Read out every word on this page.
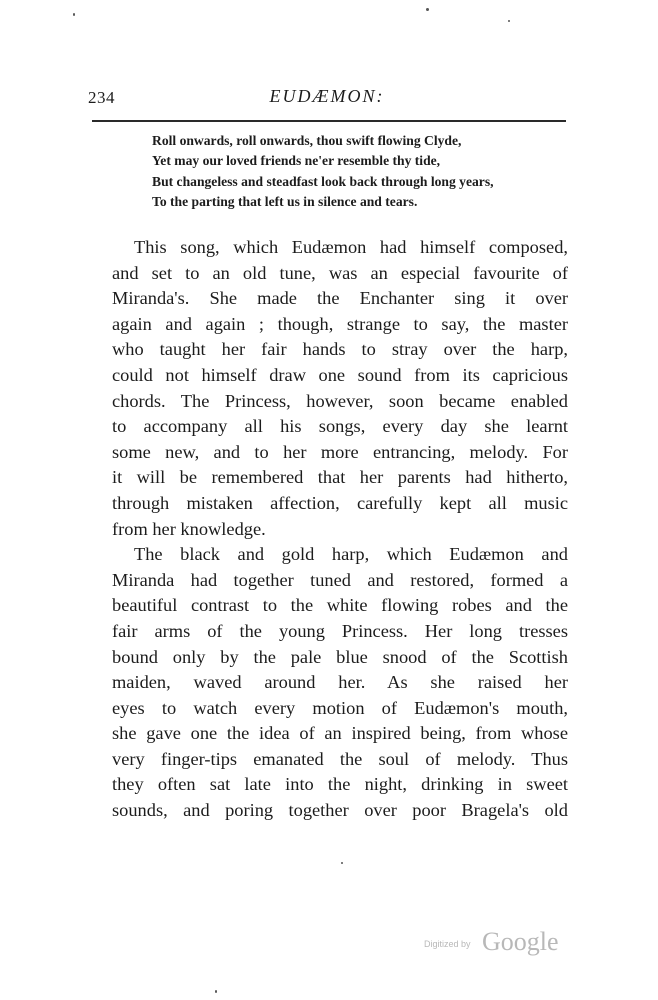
234	EUDÆMON:
Roll onwards, roll onwards, thou swift flowing Clyde,
Yet may our loved friends ne'er resemble thy tide,
But changeless and steadfast look back through long years,
To the parting that left us in silence and tears.
This song, which Eudæmon had himself composed,
and set to an old tune, was an especial favourite of
Miranda's. She made the Enchanter sing it over
again and again ; though, strange to say, the master
who taught her fair hands to stray over the harp,
could not himself draw one sound from its capricious
chords. The Princess, however, soon became enabled
to accompany all his songs, every day she learnt
some new, and to her more entrancing, melody. For
it will be remembered that her parents had hitherto,
through mistaken affection, carefully kept all music
from her knowledge.
The black and gold harp, which Eudæmon and
Miranda had together tuned and restored, formed a
beautiful contrast to the white flowing robes and the
fair arms of the young Princess. Her long tresses
bound only by the pale blue snood of the Scottish
maiden, waved around her. As she raised her
eyes to watch every motion of Eudæmon's mouth,
she gave one the idea of an inspired being, from whose
very finger-tips emanated the soul of melody. Thus
they often sat late into the night, drinking in sweet
sounds, and poring together over poor Bragela's old
Digitized by Google
